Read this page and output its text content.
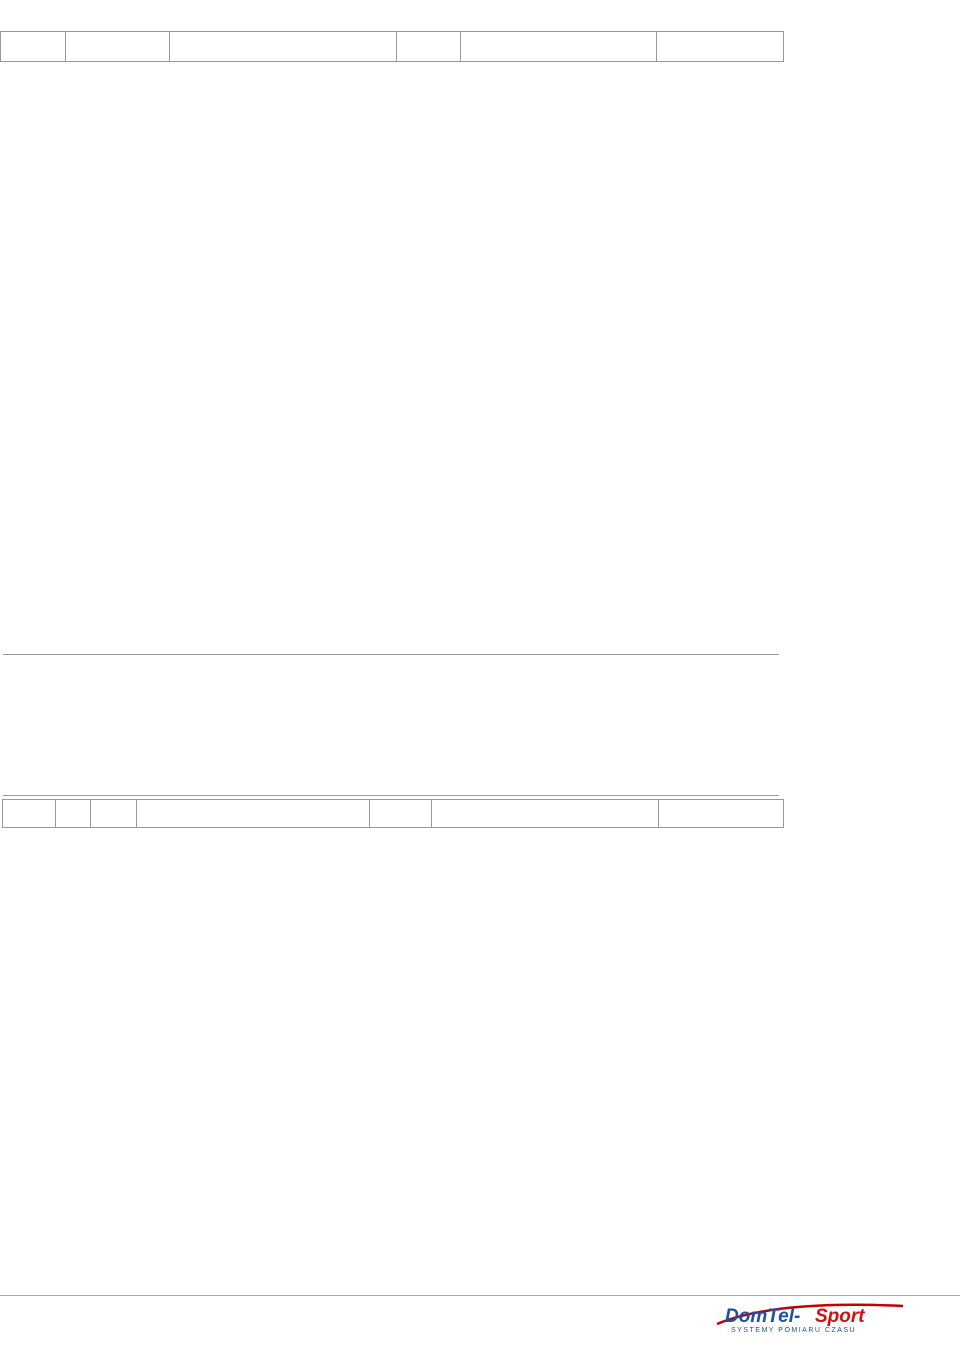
DomTel- Sport
SYSTEMY POMIARU CZASU
